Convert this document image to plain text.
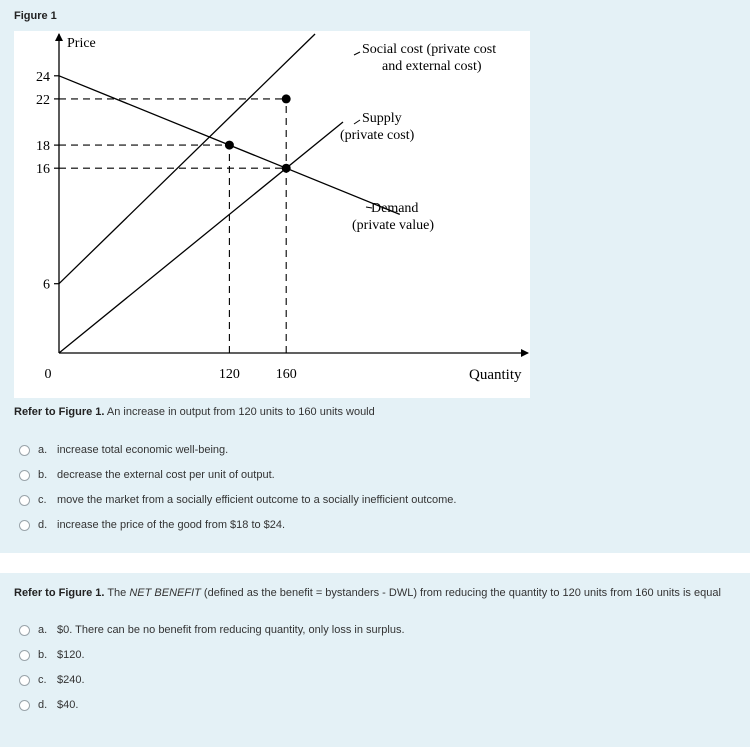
Figure 1
6
16
18
22
24
0	120	160
Price
Quantity
Social cost (private cost
and external cost)
Supply
(private cost)
Demand
(private value)
Refer to Figure 1. An increase in output from 120 units to 160 units would
a. increase total economic well-being.
b. decrease the external cost per unit of output.
c. move the market from a socially efficient outcome to a socially inefficient outcome.
d. increase the price of the good from $18 to $24.
Refer to Figure 1. The NET BENEFIT (defined as the benefit = bystanders - DWL) from reducing the quantity to 120 units from 160 units is equal
a. $0. There can be no benefit from reducing quantity, only loss in surplus.
b. $120.
c. $240.
d. $40.
